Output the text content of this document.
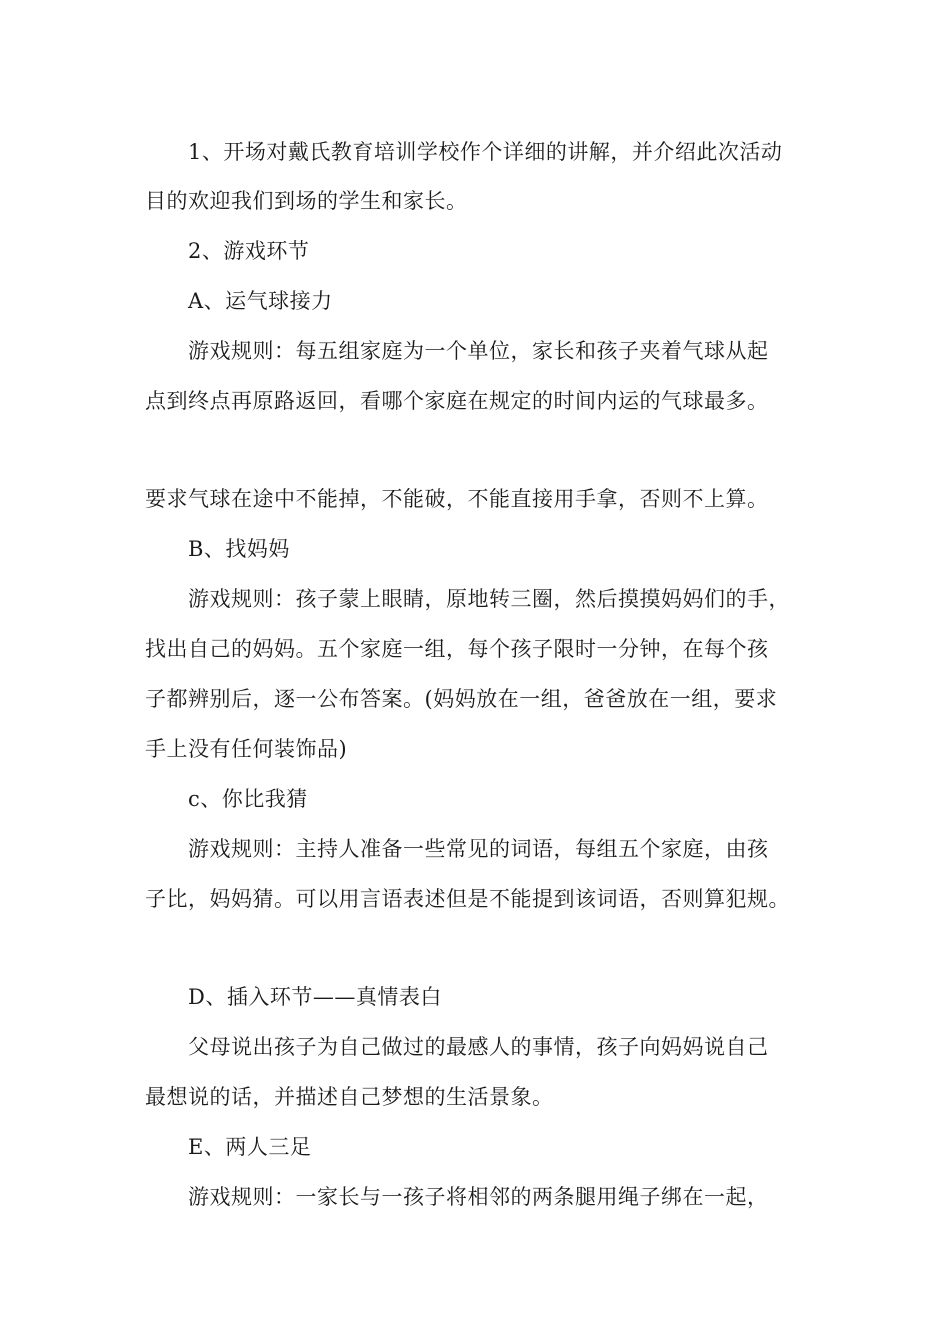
1、开场对戴氏教育培训学校作个详细的讲解，并介绍此次活动
目的欢迎我们到场的学生和家长。
2、游戏环节
A、运气球接力
游戏规则：每五组家庭为一个单位，家长和孩子夹着气球从起
点到终点再原路返回，看哪个家庭在规定的时间内运的气球最多。
要求气球在途中不能掉，不能破，不能直接用手拿，否则不上算。
B、找妈妈
游戏规则：孩子蒙上眼睛，原地转三圈，然后摸摸妈妈们的手，
找出自己的妈妈。五个家庭一组，每个孩子限时一分钟，在每个孩
子都辨别后，逐一公布答案。(妈妈放在一组，爸爸放在一组，要求
手上没有任何装饰品)
c、你比我猜
游戏规则：主持人准备一些常见的词语，每组五个家庭，由孩
子比，妈妈猜。可以用言语表述但是不能提到该词语，否则算犯规。
D、插入环节——真情表白
父母说出孩子为自己做过的最感人的事情，孩子向妈妈说自己
最想说的话，并描述自己梦想的生活景象。
E、两人三足
游戏规则：一家长与一孩子将相邻的两条腿用绳子绑在一起，
